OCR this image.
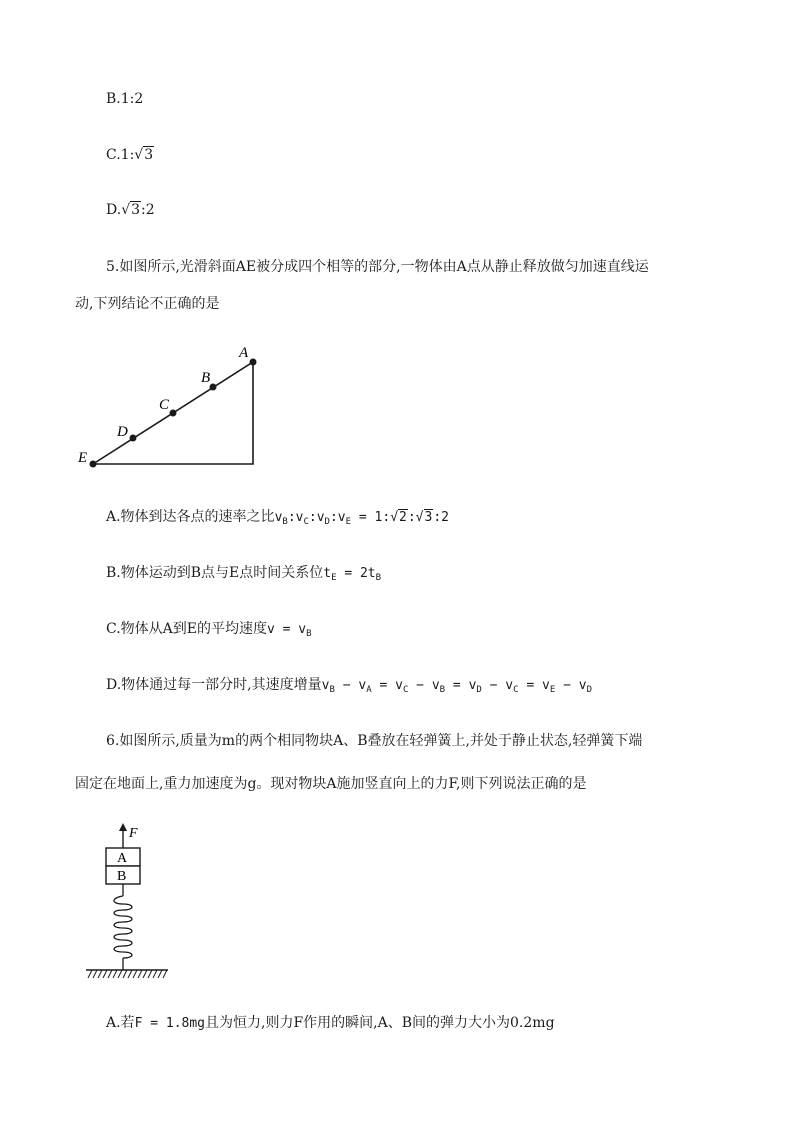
B.1:2
C.1:√3
D.√3:2
5.如图所示,光滑斜面AE被分成四个相等的部分,一物体由A点从静止释放做匀加速直线运
动,下列结论不正确的是
A
B
C
D
E
A.物体到达各点的速率之比$v_B:v_C:v_D:v_E$ = 1:√2:√3:2
B.物体运动到B点与E点时间关系位$t_E = 2t_B$
C.物体从A到E的平均速度$v = v_B$
D.物体通过每一部分时,其速度增量$v_B - v_A = v_C - v_B = v_D - v_C = v_E - v_D$
6.如图所示,质量为m的两个相同物块A、B叠放在轻弹簧上,并处于静止状态,轻弹簧下端
固定在地面上,重力加速度为g。现对物块A施加竖直向上的力F,则下列说法正确的是
F
A
B
A.若F = 1.8mg且为恒力,则力F作用的瞬间,A、B间的弹力大小为0.2mg
